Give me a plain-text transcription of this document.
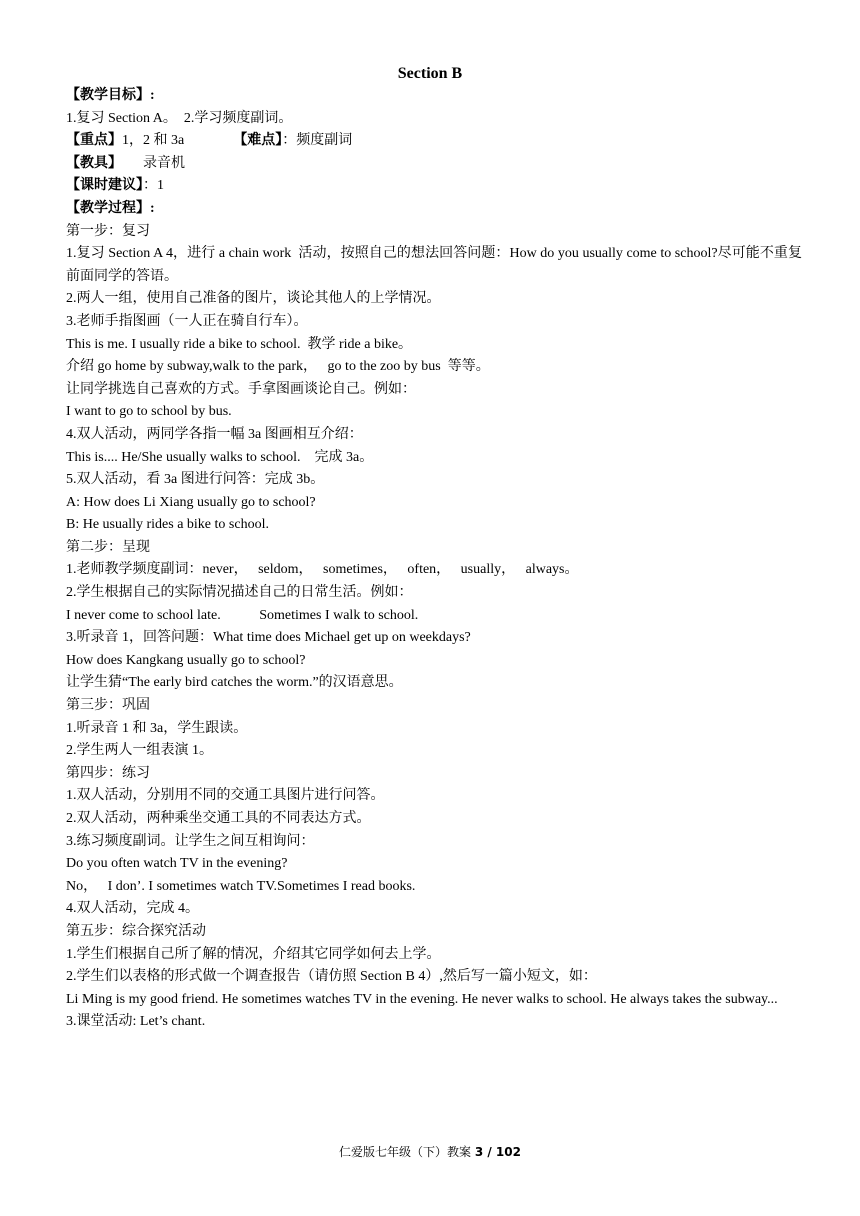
Section B
【教学目标】:
1.复习 Section A。  2.学习频度副词。
【重点】1，2 和 3a              【难点】：频度副词
【教具】      录音机
【课时建议】：1
【教学过程】:
第一步：复习
1.复习 Section A 4，进行 a chain work  活动，按照自己的想法回答问题：How do you usually come to school?尽可能不重复前面同学的答语。
2.两人一组，使用自己准备的图片，谈论其他人的上学情况。
3.老师手指图画（一人正在骑自行车）。
This is me. I usually ride a bike to school.  教学 ride a bike。
介绍 go home by subway,walk to the park，   go to the zoo by bus  等等。
让同学挑选自己喜欢的方式。手拿图画谈论自己。例如：
I want to go to school by bus.
4.双人活动，两同学各指一幅 3a 图画相互介绍：
This is.... He/She usually walks to school.    完成 3a。
5.双人活动，看 3a 图进行问答：完成 3b。
A: How does Li Xiang usually go to school?
B: He usually rides a bike to school.
第二步：呈现
1.老师教学频度副词：never，   seldom，   sometimes，   often，   usually，   always。
2.学生根据自己的实际情况描述自己的日常生活。例如：
I never come to school late.           Sometimes I walk to school.
3.听录音 1，回答问题：What time does Michael get up on weekdays?
How does Kangkang usually go to school?
让学生猜“The early bird catches the worm.”的汉语意思。
第三步：巩固
1.听录音 1 和 3a，学生跟读。
2.学生两人一组表演 1。
第四步：练习
1.双人活动，分别用不同的交通工具图片进行问答。
2.双人活动，两种乘坐交通工具的不同表达方式。
3.练习频度副词。让学生之间互相询问：
Do you often watch TV in the evening?
No，   I don’. I sometimes watch TV.Sometimes I read books.
4.双人活动，完成 4。
第五步：综合探究活动
1.学生们根据自己所了解的情况，介绍其它同学如何去上学。
2.学生们以表格的形式做一个调查报告（请仿照 Section B 4）,然后写一篇小短文，如：
Li Ming is my good friend. He sometimes watches TV in the evening. He never walks to school. He always takes the subway...
3.课堂活动: Let’s chant.
仁爱版七年级（下）教案 3 / 102
